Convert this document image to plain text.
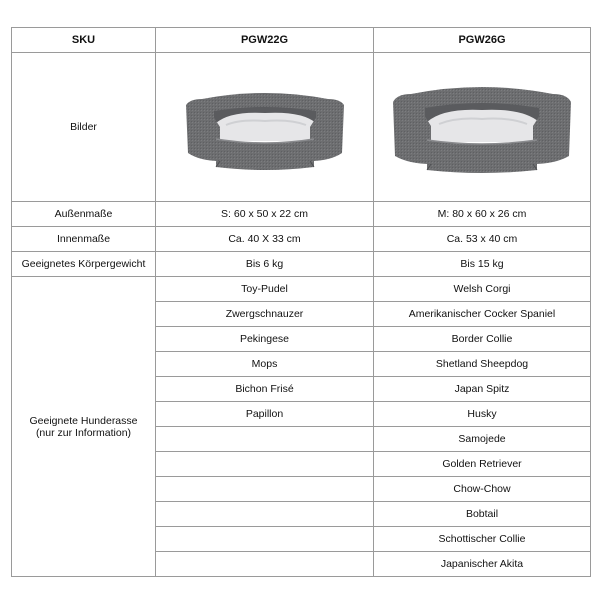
SKU	PGW22G	PGW26G
Bilder	

Außenmaße	S: 60 x 50 x 22 cm	M: 80 x 60 x 26 cm
Innenmaße	Ca. 40 X 33 cm	Ca. 53 x 40 cm
Geeignetes Körpergewicht	Bis 6 kg	Bis 15 kg
Geeignete Hunderasse
(nur zur Information)	Toy-Pudel	Welsh Corgi
	Zwergschnauzer	Amerikanischer Cocker Spaniel
	Pekingese	Border Collie
	Mops	Shetland Sheepdog
	Bichon Frisé	Japan Spitz
	Papillon	Husky
		Samojede
		Golden Retriever
		Chow-Chow
		Bobtail
		Schottischer Collie
		Japanischer Akita
